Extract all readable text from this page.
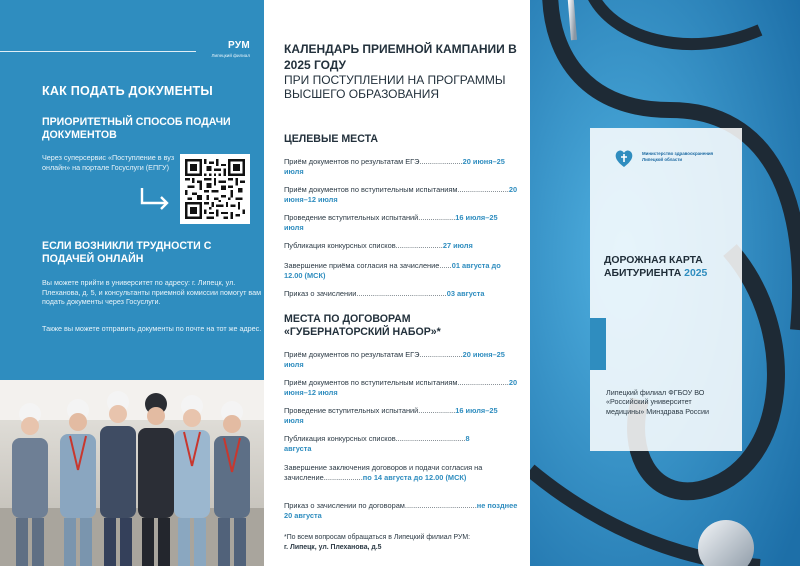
РУМ
Липецкий филиал
КАК ПОДАТЬ ДОКУМЕНТЫ
ПРИОРИТЕТНЫЙ СПОСОБ ПОДАЧИ ДОКУМЕНТОВ
Через суперсервис «Поступление в вуз онлайн» на портале Госуслуги (ЕПГУ)
ЕСЛИ ВОЗНИКЛИ ТРУДНОСТИ С ПОДАЧЕЙ ОНЛАЙН
Вы можете прийти в университет по адресу: г. Липецк, ул. Плеханова, д. 5, и консультанты приемной комиссии помогут вам подать документы через Госуслуги.
Также вы можете отправить документы по почте на тот же адрес.
КАЛЕНДАРЬ ПРИЕМНОЙ КАМПАНИИ В 2025 ГОДУ
ПРИ ПОСТУПЛЕНИИ НА ПРОГРАММЫ ВЫСШЕГО ОБРАЗОВАНИЯ
ЦЕЛЕВЫЕ МЕСТА
Приём документов по результатам ЕГЭ.....................20 июня–25 июля
Приём документов по вступительным испытаниям.........................20 июня–12 июля
Проведение вступительных испытаний..................16 июля–25 июля
Публикация конкурсных списков.......................27 июля
Завершение приёма согласия на зачисление......01 августа до 12.00 (МСК)
Приказ о зачислении............................................03 августа
МЕСТА ПО ДОГОВОРАМ «ГУБЕРНАТОРСКИЙ НАБОР»*
Приём документов по результатам ЕГЭ.....................20 июня–25 июля
Приём документов по вступительным испытаниям.........................20 июня–12 июля
Проведение вступительных испытаний..................16 июля–25 июля
Публикация конкурсных списков..................................8 августа
Завершение заключения договоров и подачи согласия на зачисление...................по 14 августа до 12.00 (МСК)
Приказ о зачислении по договорам...................................не позднее 20 августа
*По всем вопросам обращаться в Липецкий филиал РУМ:
г. Липецк, ул. Плеханова, д.5
Министерство здравоохранения Липецкой области
ДОРОЖНАЯ КАРТА АБИТУРИЕНТА 2025
Липецкий филиал ФГБОУ ВО «Российский университет медицины» Минздрава России
